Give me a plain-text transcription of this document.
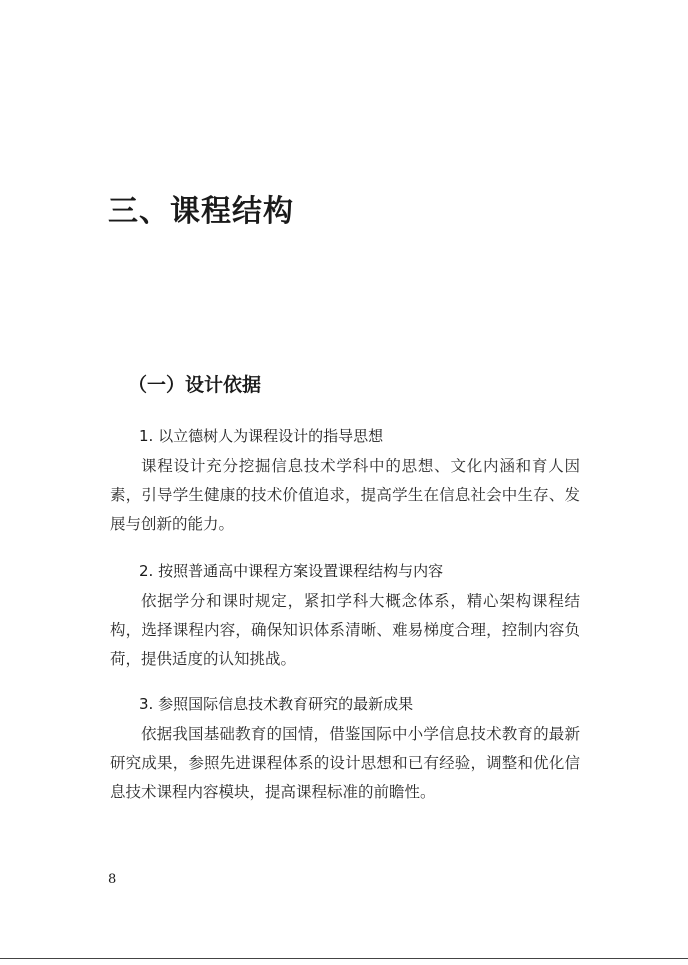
三、课程结构
（一）设计依据
1. 以立德树人为课程设计的指导思想
课程设计充分挖掘信息技术学科中的思想、文化内涵和育人因素，引导学生健康的技术价值追求，提高学生在信息社会中生存、发展与创新的能力。
2. 按照普通高中课程方案设置课程结构与内容
依据学分和课时规定，紧扣学科大概念体系，精心架构课程结构，选择课程内容，确保知识体系清晰、难易梯度合理，控制内容负荷，提供适度的认知挑战。
3. 参照国际信息技术教育研究的最新成果
依据我国基础教育的国情，借鉴国际中小学信息技术教育的最新研究成果，参照先进课程体系的设计思想和已有经验，调整和优化信息技术课程内容模块，提高课程标准的前瞻性。
8
